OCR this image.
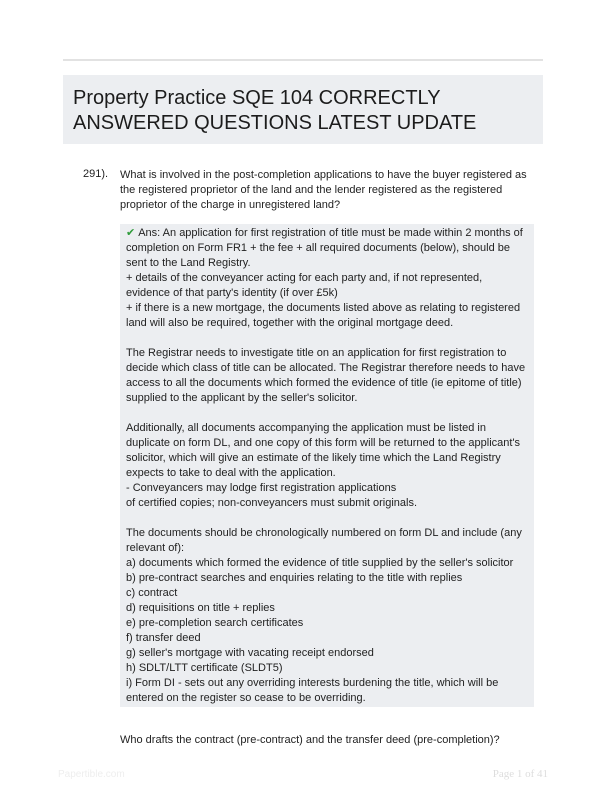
Property Practice SQE 104 CORRECTLY ANSWERED QUESTIONS LATEST UPDATE
291). What is involved in the post-completion applications to have the buyer registered as the registered proprietor of the land and the lender registered as the registered proprietor of the charge in unregistered land?

✔ Ans: An application for first registration of title must be made within 2 months of completion on Form FR1 + the fee + all required documents (below), should be sent to the Land Registry.

+ details of the conveyancer acting for each party and, if not represented, evidence of that party's identity (if over £5k)

+ if there is a new mortgage, the documents listed above as relating to registered land will also be required, together with the original mortgage deed.

The Registrar needs to investigate title on an application for first registration to decide which class of title can be allocated. The Registrar therefore needs to have access to all the documents which formed the evidence of title (ie epitome of title) supplied to the applicant by the seller's solicitor.

Additionally, all documents accompanying the application must be listed in duplicate on form DL, and one copy of this form will be returned to the applicant's solicitor, which will give an estimate of the likely time which the Land Registry expects to take to deal with the application.

- Conveyancers may lodge first registration applications

of certified copies; non-conveyancers must submit originals.

The documents should be chronologically numbered on form DL and include (any relevant of):

a) documents which formed the evidence of title supplied by the seller's solicitor

b) pre-contract searches and enquiries relating to the title with replies

c) contract

d) requisitions on title + replies

e) pre-completion search certificates

f) transfer deed

g) seller's mortgage with vacating receipt endorsed

h) SDLT/LTT certificate (SLDT5)

i) Form DI - sets out any overriding interests burdening the title, which will be entered on the register so cease to be overriding.

Who drafts the contract (pre-contract) and the transfer deed (pre-completion)?
Papertible.com	Page 1 of 41
